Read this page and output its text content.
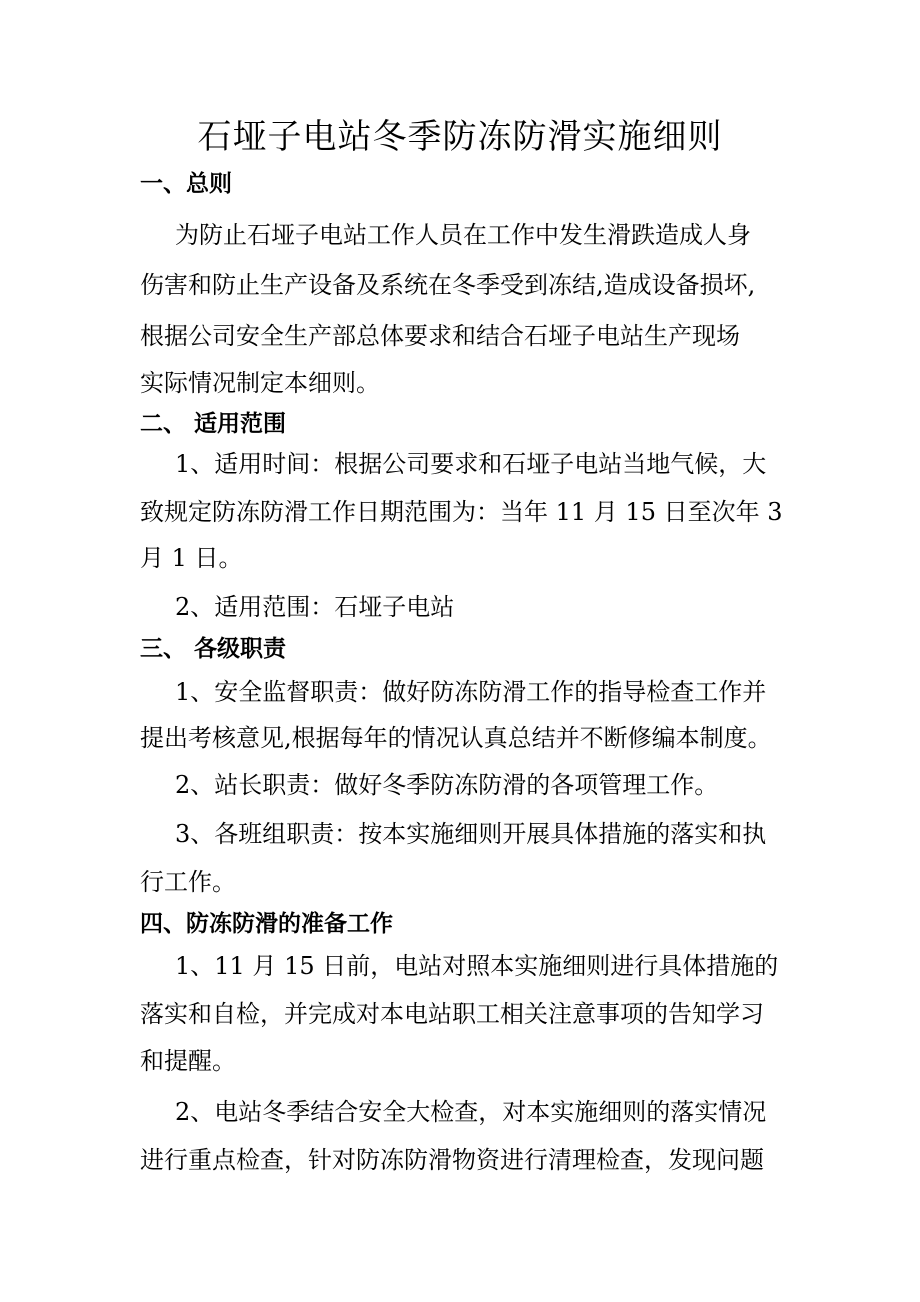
石垭子电站冬季防冻防滑实施细则

一、总则

为防止石垭子电站工作人员在工作中发生滑跌造成人身

伤害和防止生产设备及系统在冬季受到冻结,造成设备损坏,

根据公司安全生产部总体要求和结合石垭子电站生产现场

实际情况制定本细则。

二、 适用范围

1、适用时间：根据公司要求和石垭子电站当地气候，大

致规定防冻防滑工作日期范围为：当年 11 月 15 日至次年 3

月 1 日。

2、适用范围：石垭子电站

三、 各级职责

1、安全监督职责：做好防冻防滑工作的指导检查工作并

提出考核意见,根据每年的情况认真总结并不断修编本制度。

2、站长职责：做好冬季防冻防滑的各项管理工作。

3、各班组职责：按本实施细则开展具体措施的落实和执

行工作。

四、防冻防滑的准备工作

1、11 月 15 日前，电站对照本实施细则进行具体措施的

落实和自检，并完成对本电站职工相关注意事项的告知学习

和提醒。

2、电站冬季结合安全大检查，对本实施细则的落实情况

进行重点检查，针对防冻防滑物资进行清理检查，发现问题
